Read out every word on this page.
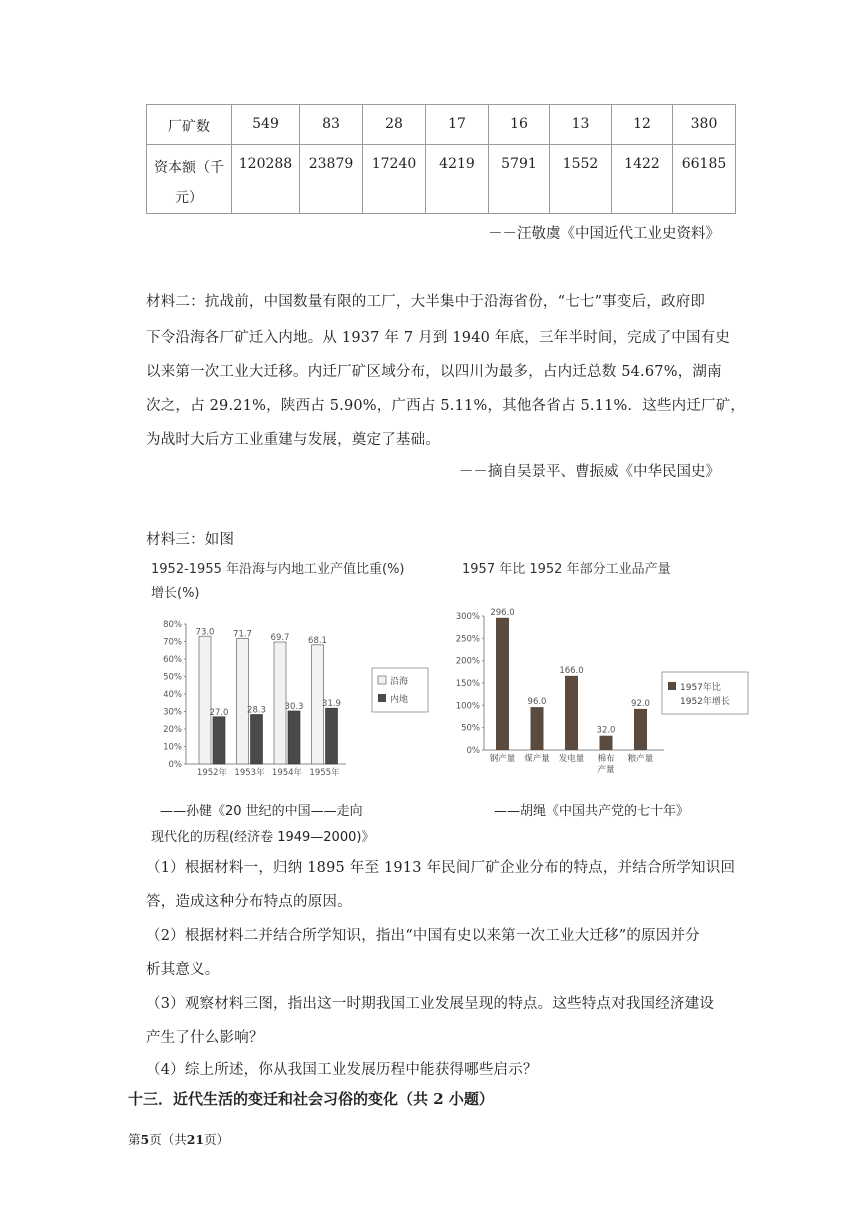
厂矿数	549	83	28	17	16	13	12	380
资本额（千
元）	120288	23879	17240	4219	5791	1552	1422	66185
－－汪敬虞《中国近代工业史资料》
材料二：抗战前，中国数量有限的工厂，大半集中于沿海省份，“七七”事变后，政府即
下令沿海各厂矿迁入内地。从 1937 年 7 月到 1940 年底，三年半时间，完成了中国有史
以来第一次工业大迁移。内迁厂矿区域分布，以四川为最多，占内迁总数 54.67%，湖南
次之，占 29.21%，陕西占 5.90%，广西占 5.11%，其他各省占 5.11%．这些内迁厂矿，
为战时大后方工业重建与发展，奠定了基础。
－－摘自吴景平、曹振威《中华民国史》
材料三：如图
1952-1955 年沿海与内地工业产值比重(%)
增长(%)
0%
10%
20%
30%
40%
50%
60%
70%
80%
73.0
27.0
1952年
71.7
28.3
1953年
69.7
30.3
1954年
68.1
31.9
1955年
沿海
内地
——孙健《20 世纪的中国——走向
现代化的历程(经济卷 1949—2000)》
1957 年比 1952 年部分工业品产量
0%
50%
100%
150%
200%
250%
300% 296.0
96.0
166.0
32.0
92.0
钢产量 煤产量 发电量 棉布
产量
粮产量
1957年比
1952年增长
——胡绳《中国共产党的七十年》
（1）根据材料一，归纳 1895 年至 1913 年民间厂矿企业分布的特点，并结合所学知识回
答，造成这种分布特点的原因。
（2）根据材料二并结合所学知识，指出“中国有史以来第一次工业大迁移”的原因并分
析其意义。
（3）观察材料三图，指出这一时期我国工业发展呈现的特点。这些特点对我国经济建设
产生了什么影响？
（4）综上所述，你从我国工业发展历程中能获得哪些启示？
十三．近代生活的变迁和社会习俗的变化（共 2 小题）
第5页（共21页）
